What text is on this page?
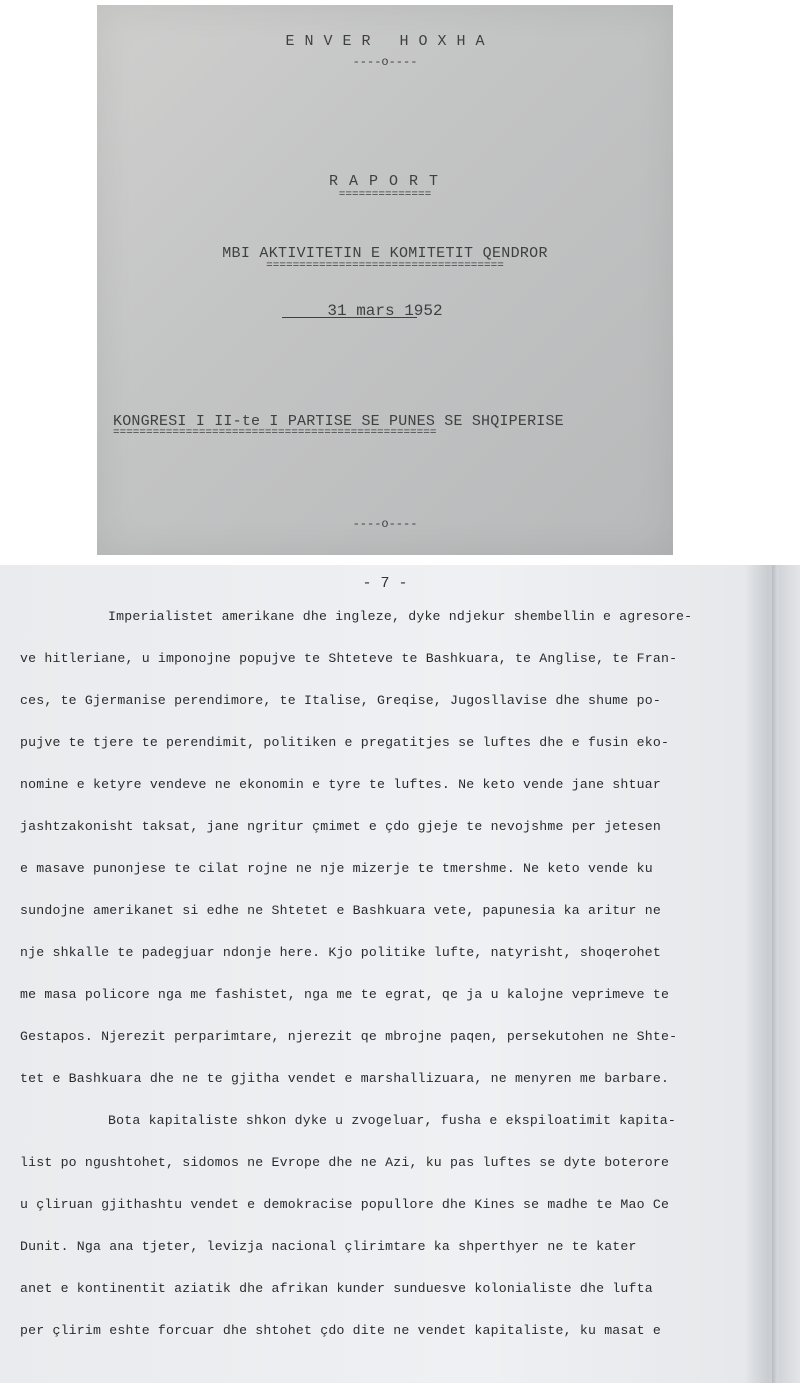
ENVER HOXHA
----o----
RAPORT
==============
MBI AKTIVITETIN E KOMITETIT QENDROR
====================================
31 mars 1952
KONGRESI I II-te I PARTISE SE PUNES SE SHQIPERISE
=================================================
----o----
- 7 -
Imperialistet amerikane dhe ingleze, dyke ndjekur shembellin e agresore-
ve hitleriane, u imponojne popujve te Shteteve te Bashkuara, te Anglise, te Fran-
ces, te Gjermanise perendimore, te Italise, Greqise, Jugosllavise dhe shume po-
pujve te tjere te perendimit, politiken e pregatitjes se luftes dhe e fusin eko-
nomine e ketyre vendeve ne ekonomin e tyre te luftes. Ne keto vende jane shtuar
jashtzakonisht taksat, jane ngritur çmimet e çdo gjeje te nevojshme per jetesen
e masave punonjese te cilat rojne ne nje mizerje te tmershme. Ne keto vende ku
sundojne amerikanet si edhe ne Shtetet e Bashkuara vete, papunesia ka aritur ne
nje shkalle te padegjuar ndonje here. Kjo politike lufte, natyrisht, shoqerohet
me masa policore nga me fashistet, nga me te egrat, qe ja u kalojne veprimeve te
Gestapos. Njerezit perparimtare, njerezit qe mbrojne paqen, persekutohen ne Shte-
tet e Bashkuara dhe ne te gjitha vendet e marshallizuara, ne menyren me barbare.
Bota kapitaliste shkon dyke u zvogeluar, fusha e ekspiloatimit kapita-
list po ngushtohet, sidomos ne Evrope dhe ne Azi, ku pas luftes se dyte boterore
u çliruan gjithashtu vendet e demokracise popullore dhe Kines se madhe te Mao Ce
Dunit. Nga ana tjeter, levizja nacional çlirimtare ka shperthyer ne te kater
anet e kontinentit aziatik dhe afrikan kunder sunduesve kolonialiste dhe lufta
per çlirim eshte forcuar dhe shtohet çdo dite ne vendet kapitaliste, ku masat e
